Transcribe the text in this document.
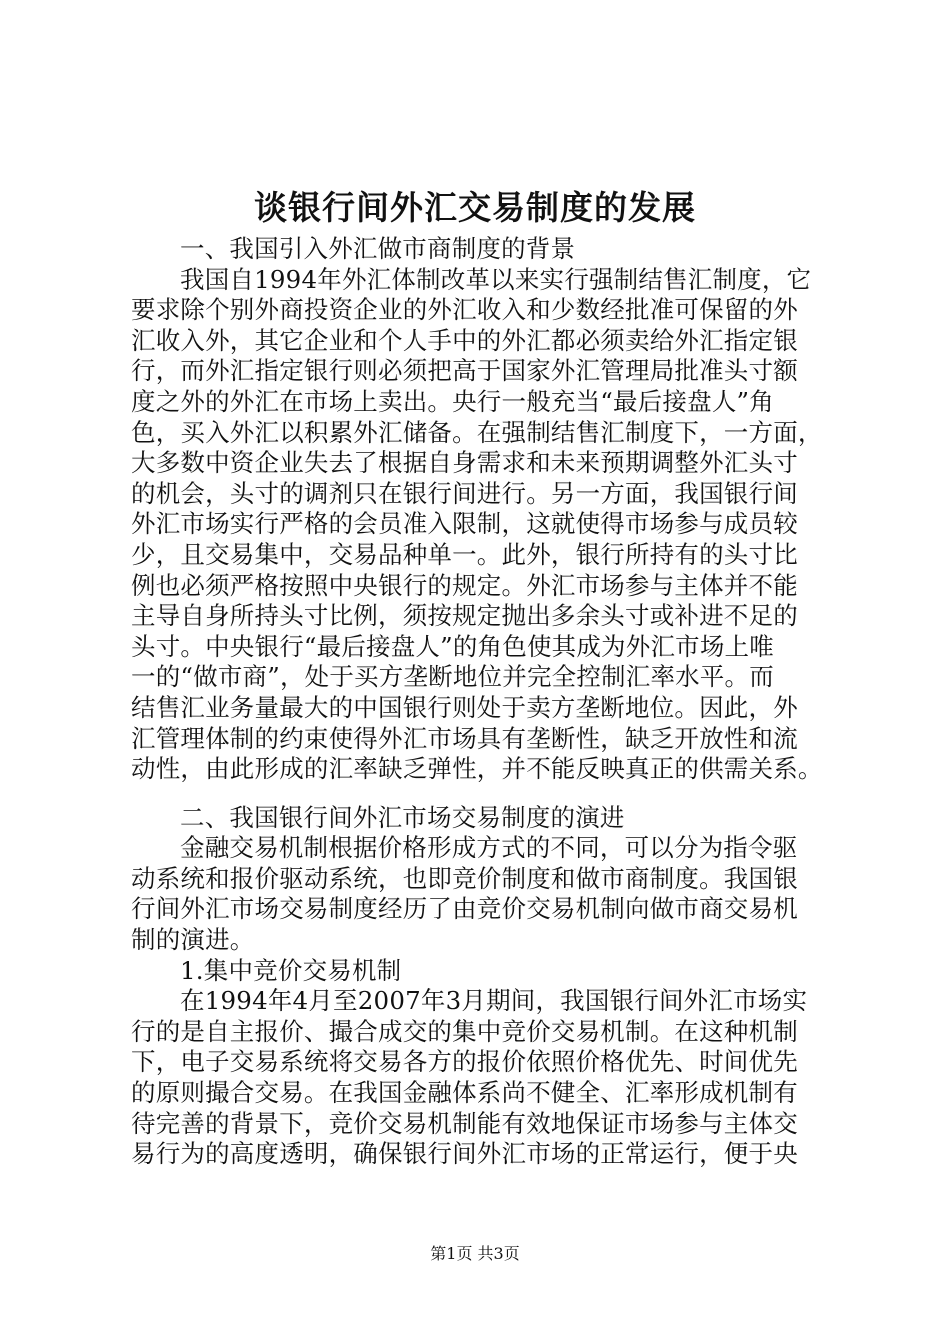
谈银行间外汇交易制度的发展
一、我国引入外汇做市商制度的背景
我国自1994年外汇体制改革以来实行强制结售汇制度，它
要求除个别外商投资企业的外汇收入和少数经批准可保留的外
汇收入外，其它企业和个人手中的外汇都必须卖给外汇指定银
行，而外汇指定银行则必须把高于国家外汇管理局批准头寸额
度之外的外汇在市场上卖出。央行一般充当“最后接盘人”角
色，买入外汇以积累外汇储备。在强制结售汇制度下，一方面，
大多数中资企业失去了根据自身需求和未来预期调整外汇头寸
的机会，头寸的调剂只在银行间进行。另一方面，我国银行间
外汇市场实行严格的会员准入限制，这就使得市场参与成员较
少，且交易集中，交易品种单一。此外，银行所持有的头寸比
例也必须严格按照中央银行的规定。外汇市场参与主体并不能
主导自身所持头寸比例，须按规定抛出多余头寸或补进不足的
头寸。中央银行“最后接盘人”的角色使其成为外汇市场上唯
一的“做市商”，处于买方垄断地位并完全控制汇率水平。而
结售汇业务量最大的中国银行则处于卖方垄断地位。因此，外
汇管理体制的约束使得外汇市场具有垄断性，缺乏开放性和流
动性，由此形成的汇率缺乏弹性，并不能反映真正的供需关系。
二、我国银行间外汇市场交易制度的演进
金融交易机制根据价格形成方式的不同，可以分为指令驱
动系统和报价驱动系统，也即竞价制度和做市商制度。我国银
行间外汇市场交易制度经历了由竞价交易机制向做市商交易机
制的演进。
1.集中竞价交易机制
在1994年4月至2007年3月期间，我国银行间外汇市场实
行的是自主报价、撮合成交的集中竞价交易机制。在这种机制
下，电子交易系统将交易各方的报价依照价格优先、时间优先
的原则撮合交易。在我国金融体系尚不健全、汇率形成机制有
待完善的背景下，竞价交易机制能有效地保证市场参与主体交
易行为的高度透明，确保银行间外汇市场的正常运行，便于央
第1页 共3页
